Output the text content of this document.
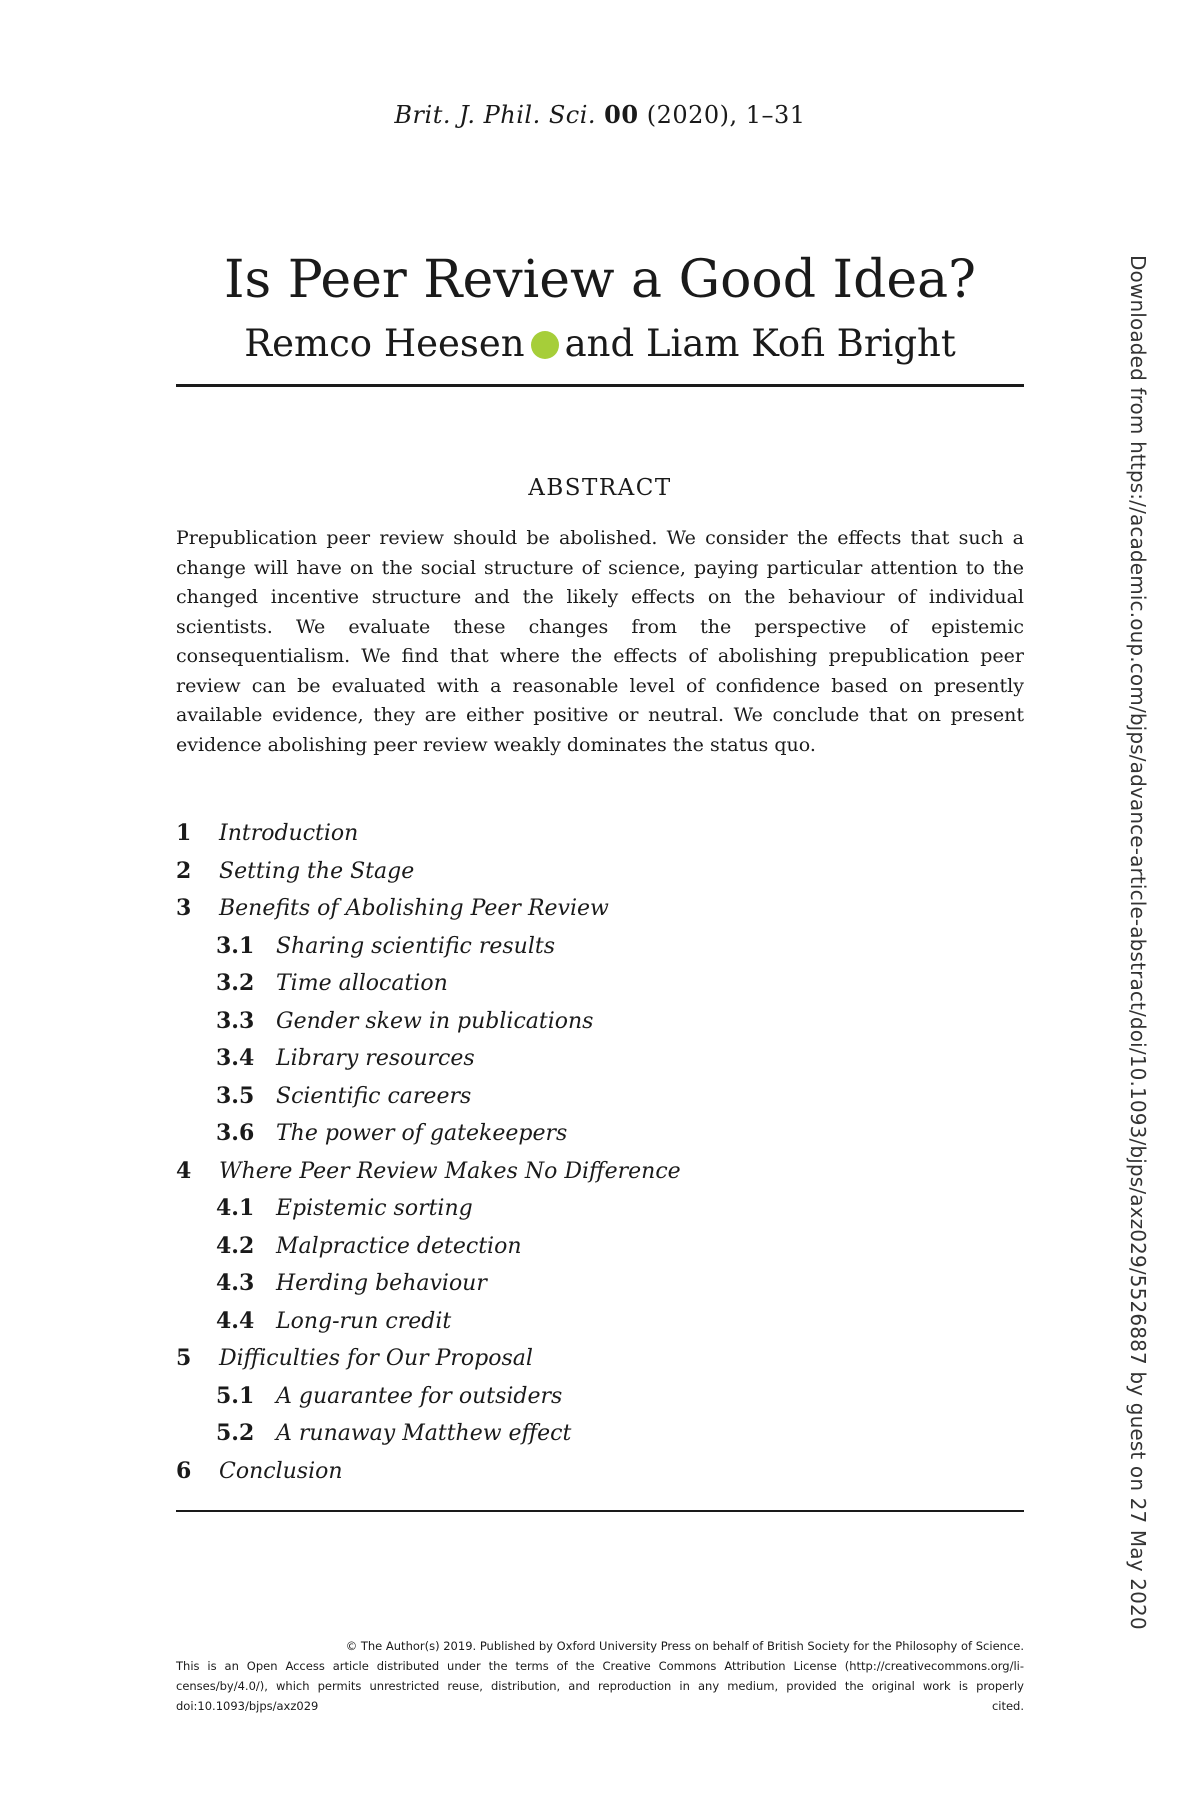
Brit. J. Phil. Sci. 00 (2020), 1–31
Is Peer Review a Good Idea?
Remco Heesen and Liam Kofi Bright
ABSTRACT

Prepublication peer review should be abolished. We consider the effects that such a change will have on the social structure of science, paying particular attention to the changed incentive structure and the likely effects on the behaviour of individual scientists. We evaluate these changes from the perspective of epistemic consequentialism. We find that where the effects of abolishing prepublication peer review can be evaluated with a reasonable level of confidence based on presently available evidence, they are either positive or neutral. We conclude that on present evidence abolishing peer review weakly dominates the status quo.

1 Introduction
2 Setting the Stage
3 Benefits of Abolishing Peer Review
3.1 Sharing scientific results
3.2 Time allocation
3.3 Gender skew in publications
3.4 Library resources
3.5 Scientific careers
3.6 The power of gatekeepers
4 Where Peer Review Makes No Difference
4.1 Epistemic sorting
4.2 Malpractice detection
4.3 Herding behaviour
4.4 Long-run credit
5 Difficulties for Our Proposal
5.1 A guarantee for outsiders
5.2 A runaway Matthew effect
6 Conclusion
© The Author(s) 2019. Published by Oxford University Press on behalf of British Society for the Philosophy of Science.
This is an Open Access article distributed under the terms of the Creative Commons Attribution License (http://creativecommons.org/li-
censes/by/4.0/), which permits unrestricted reuse, distribution, and reproduction in any medium, provided the original work is properly
doi:10.1093/bjps/axz029	cited.
Downloaded from https://academic.oup.com/bjps/advance-article-abstract/doi/10.1093/bjps/axz029/5526887 by guest on 27 May 2020
